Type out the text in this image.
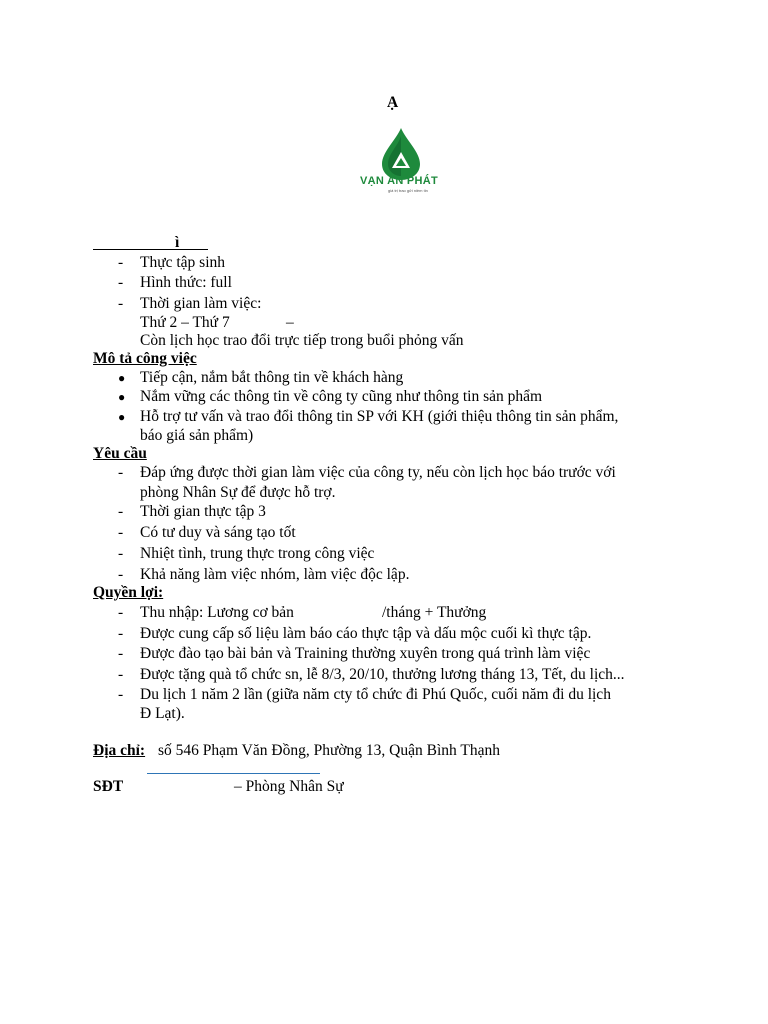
Ạ
VẠN AN PHÁT
giá trị trao gửi niềm tin
ì
- Thực tập sinh
- Hình thức: full
- Thời gian làm việc:
Thứ 2 – Thứ 7	–
Còn lịch học trao đổi trực tiếp trong buổi phỏng vấn
Mô tả công việc
● Tiếp cận, nắm bắt thông tin về khách hàng
● Nắm vững các thông tin về công ty cũng như thông tin sản phẩm
● Hỗ trợ tư vấn và trao đổi thông tin SP với KH (giới thiệu thông tin sản phẩm,
báo giá sản phẩm)
Yêu cầu
- Đáp ứng được thời gian làm việc của công ty, nếu còn lịch học báo trước với
phòng Nhân Sự để được hỗ trợ.
- Thời gian thực tập 3
- Có tư duy và sáng tạo tốt
- Nhiệt tình, trung thực trong công việc
- Khả năng làm việc nhóm, làm việc độc lập.
Quyền lợi:
- Thu nhập: Lương cơ bản	/tháng + Thưởng
- Được cung cấp số liệu làm báo cáo thực tập và dấu mộc cuối kì thực tập.
- Được đào tạo bài bản và Training thường xuyên trong quá trình làm việc
- Được tặng quà tổ chức sn, lễ 8/3, 20/10, thưởng lương tháng 13, Tết, du lịch...
- Du lịch 1 năm 2 lần (giữa năm cty tổ chức đi Phú Quốc, cuối năm đi du lịch
Đ Lạt).
Địa chỉ: số 546 Phạm Văn Đồng, Phường 13, Quận Bình Thạnh
SĐT	– Phòng Nhân Sự
